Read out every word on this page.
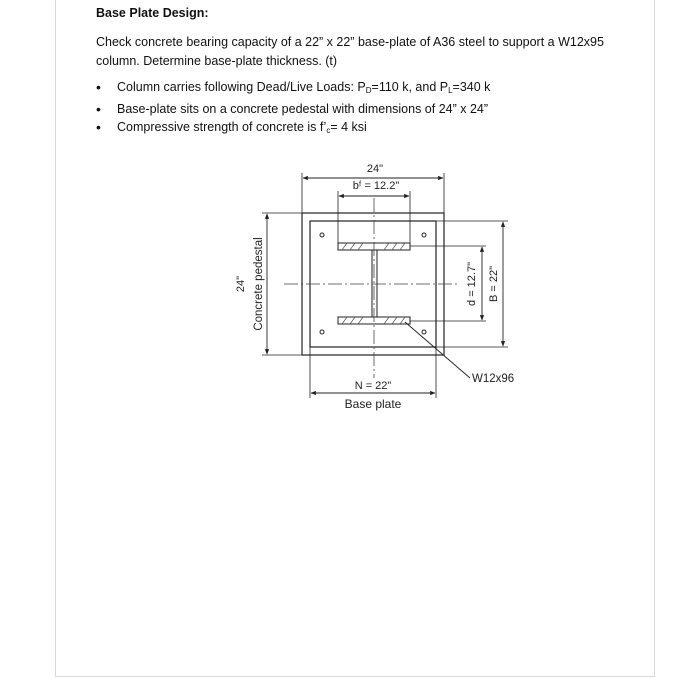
Base Plate Design:
Check concrete bearing capacity of a 22” x 22” base-plate of A36 steel to support a W12x95 column. Determine base-plate thickness. (t)
• Column carries following Dead/Live Loads: $P_D=110$ k, and $P_L=340$ k
• Base-plate sits on a concrete pedestal with dimensions of 24” x 24”
• Compressive strength of concrete is $f’_c= 4$ ksi
24"
bᶠ = 12.2"
24" Concrete pedestal	d = 12.7" B = 22"
N = 22"
Base plate
W12x96
